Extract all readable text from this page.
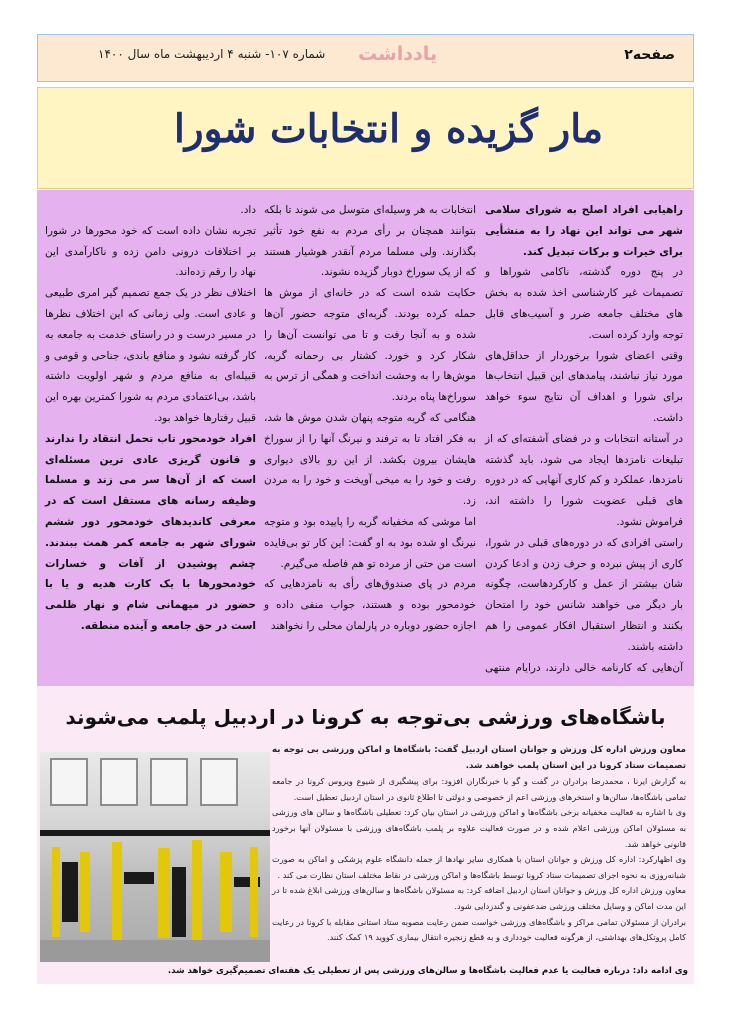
صفحه۲
یادداشت
شماره ۱۰۷- شنبه ۴ اردیبهشت ماه سال ۱۴۰۰
مار گزیده و انتخابات شورا

راهیابی افراد اصلح به شورای سلامی شهر می تواند این نهاد را به منشأیی برای خیرات و برکات تبدیل کند.

در پنج دوره گذشته، ناکامی شوراها و تصمیمات غیر کارشناسی اخذ شده به بخش های مختلف جامعه ضرر و آسیب‌های قابل توجه وارد کرده است.

وقتی اعضای شورا برخوردار از حداقل‌های مورد نیاز نباشند، پیامدهای این قبیل انتخاب‌ها برای شورا و اهداف آن نتایج سوء خواهد داشت.

در آستانه انتخابات و در فضای آشفته‌ای که از تبلیغات نامزدها ایجاد می شود، باید گذشته نامزدها، عملکرد و کم کاری آنهایی که در دوره های قبلی عضویت شورا را داشته اند، فراموش نشود.

راستی افرادی که در دوره‌های قبلی در شورا، کاری از پیش نبرده و حرف زدن و ادعا کردن شان بیشتر از عمل و کارکردهاست، چگونه بار دیگر می خواهند شانس خود را امتحان بکنند و انتظار استقبال افکار عمومی را هم داشته باشند.

آن‌هایی که کارنامه خالی دارند، درایام منتهی

انتخابات به هر وسیله‌ای متوسل می شوند تا بلکه بتوانند همچنان بر رأی مردم به نفع خود تأثیر بگذارند. ولی مسلما مردم آنقدر هوشیار هستند که از یک سوراخ دوبار گزیده نشوند.

حکایت شده است که در خانه‌ای از موش ها حمله کرده بودند. گربه‌ای متوجه حضور آن‌ها شده و به آنجا رفت و تا می توانست آن‌ها را شکار کرد و خورد. کشتار بی رحمانه گربه، موش‌ها را به وحشت انداخت و همگی از ترس به سوراخ‌ها پناه بردند.

هنگامی که گربه متوجه پنهان شدن موش ها شد، به فکر افتاد تا به ترفند و نیرنگ آنها را از سوراخ هایشان بیرون بکشد. از این رو بالای دیواری رفت و خود را به میخی آویخت و خود را به مردن زد.

اما موشی که مخفیانه گربه را پاییده بود و متوجه نیرنگ او شده بود به او گفت: این کار تو بی‌فایده است من حتی از مرده تو هم فاصله می‌گیرم.

مردم در پای صندوق‌های رأی به نامزدهایی که خودمحور بوده و هستند، جواب منفی داده و اجازه حضور دوباره در پارلمان محلی را نخواهند

داد.

تجربه نشان داده است که خود محورها در شورا بر اختلافات درونی دامن زده و ناکارآمدی این نهاد را رقم زده‌اند.

اختلاف نظر در یک جمع تصمیم گیر امری طبیعی و عادی است. ولی زمانی که این اختلاف نظرها در مسیر درست و در راستای خدمت به جامعه به کار گرفته نشود و منافع باندی، جناحی و قومی و قبیله‌ای به منافع مردم و شهر اولویت داشته باشد، بی‌اعتمادی مردم به شورا کمترین بهره این قبیل رفتارها خواهد بود.

افراد خودمحور تاب تحمل انتقاد را ندارند و قانون گریزی عادی ترین مسئله‌ای است که از آن‌ها سر می زند و مسلما وظیفه رسانه های مستقل است که در معرفی کاندیدهای خودمحور دور ششم شورای شهر به جامعه کمر همت ببندند. چشم پوشیدن از آفات و خسارات خودمحورها با یک کارت هدیه و یا با حضور در میهمانی شام و نهار ظلمی است در حق جامعه و آینده منطقه.

باشگاه‌های ورزشی بی‌توجه به کرونا در اردبیل پلمب می‌شوند

معاون ورزش اداره کل ورزش و جوانان استان اردبیل گفت: باشگاه‌ها و اماکن ورزشی بی توجه به تصمیمات ستاد کرونا در این استان پلمب خواهند شد.

به گزارش ایرنا ، محمدرضا برادران در گفت و گو با خبرنگاران افزود: برای پیشگیری از شیوع ویروس کرونا در جامعه تمامی باشگاه‌ها، سالن‌ها و استخرهای ورزشی اعم از خصوصی و دولتی تا اطلاع ثانوی در استان اردبیل تعطیل است.

وی با اشاره به فعالیت مخفیانه برخی باشگاه‌ها و اماکن ورزشی در استان بیان کرد: تعطیلی باشگاه‌ها و سالن های ورزشی به مسئولان اماکن ورزشی اعلام شده و در صورت فعالیت علاوه بر پلمب باشگاه‌های ورزشی با مسئولان آنها برخورد قانونی خواهد شد.

وی اظهارکرد: اداره کل ورزش و جوانان استان با همکاری سایر نهادها از جمله دانشگاه علوم پزشکی و اماکن به صورت شبانه‌روزی به نحوه اجرای تصمیمات ستاد کرونا توسط باشگاه‌ها و اماکن ورزشی در نقاط مختلف استان نظارت می کند .

معاون ورزش اداره کل ورزش و جوانان استان اردبیل اضافه کرد: به مسئولان باشگاه‌ها و سالن‌های ورزشی ابلاغ شده تا در این مدت اماکن و وسایل مختلف ورزشی ضدعفونی و گندزدایی شود.

برادران از مسئولان تمامی مراکز و باشگاه‌های ورزشی خواست ضمن رعایت مصوبه ستاد استانی مقابله با کرونا در رعایت کامل پروتکل‌های بهداشتی، از هرگونه فعالیت خودداری و به قطع زنجیره انتقال بیماری کووید ۱۹ کمک کنند.

وی ادامه داد: درباره فعالیت یا عدم فعالیت باشگاه‌ها و سالن‌های ورزشی پس از تعطیلی یک هفته‌ای تصمیم‌گیری خواهد شد.
